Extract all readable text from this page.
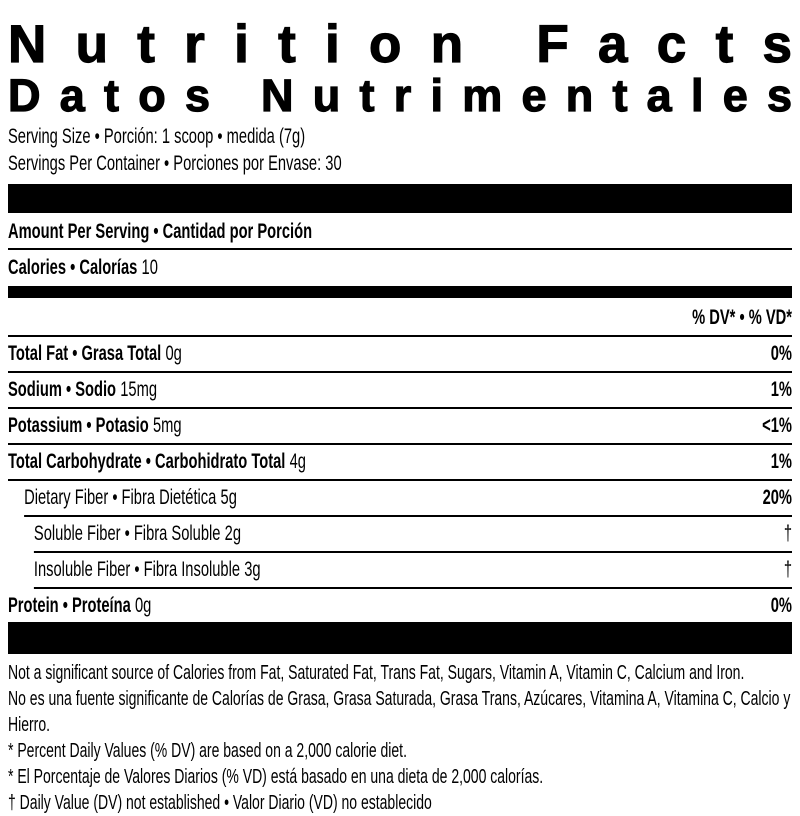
N u t r i t i o n
F a c t s
D a t o s
N u t r i m e n t a l e s
Serving Size • Porción: 1 scoop • medida (7g)
Servings Per Container • Porciones por Envase: 30
Amount Per Serving • Cantidad por Porción
Calories • Calorías 10
% DV* • % VD*
Total Fat • Grasa Total 0g	0%
Sodium • Sodio 15mg	1%
Potassium • Potasio 5mg	<1%
Total Carbohydrate • Carbohidrato Total 4g	1%
Dietary Fiber • Fibra Dietética 5g	20%
Soluble Fiber • Fibra Soluble 2g	†
Insoluble Fiber • Fibra Insoluble 3g	†
Protein • Proteína 0g	0%

Not a significant source of Calories from Fat, Saturated Fat, Trans Fat, Sugars, Vitamin A, Vitamin C, Calcium and Iron.

No es una fuente significante de Calorías de Grasa, Grasa Saturada, Grasa Trans, Azúcares, Vitamina A, Vitamina C, Calcio y Hierro.

* Percent Daily Values (% DV) are based on a 2,000 calorie diet.

* El Porcentaje de Valores Diarios (% VD) está basado en una dieta de 2,000 calorías.

† Daily Value (DV) not established • Valor Diario (VD) no establecido
